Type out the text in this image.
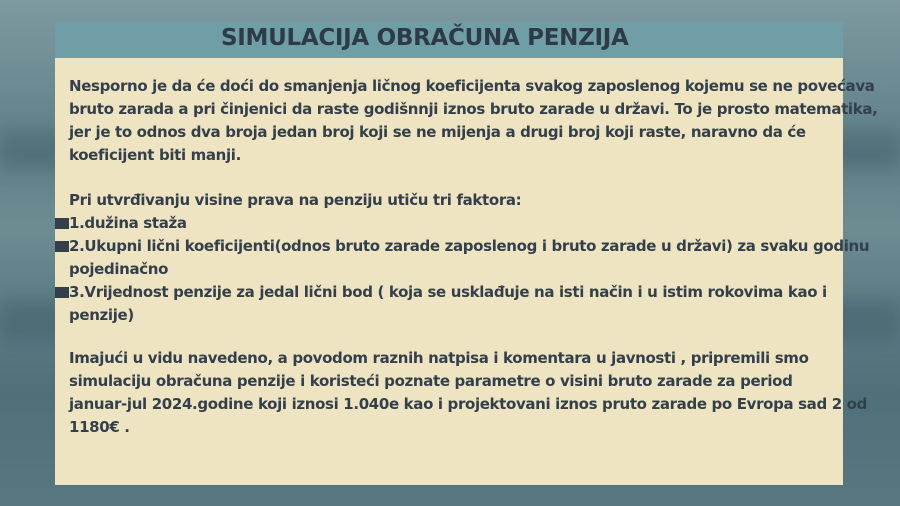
SIMULACIJA OBRAČUNA PENZIJA
Nesporno je da će doći do smanjenja ličnog koeficijenta svakog zaposlenog kojemu se ne povećava
bruto zarada a pri činjenici da raste godišnnji iznos bruto zarade u državi. To je prosto matematika,
jer je to odnos dva broja jedan broj koji se ne mijenja a drugi broj koji raste, naravno da će
koeficijent biti manji.
Pri utvrđivanju visine prava na penziju utiču tri faktora:
1.dužina staža
2.Ukupni lični koeficijenti(odnos bruto zarade zaposlenog i bruto zarade u državi) za svaku godinu
pojedinačno
3.Vrijednost penzije za jedal lični bod ( koja se usklađuje na isti način i u istim rokovima kao i
penzije)
Imajući u vidu navedeno, a povodom raznih natpisa i komentara u javnosti , pripremili smo
simulaciju obračuna penzije i koristeći poznate parametre o visini bruto zarade za period
januar-jul 2024.godine koji iznosi 1.040e kao i projektovani iznos pruto zarade po Evropa sad 2 od
1180€ .
